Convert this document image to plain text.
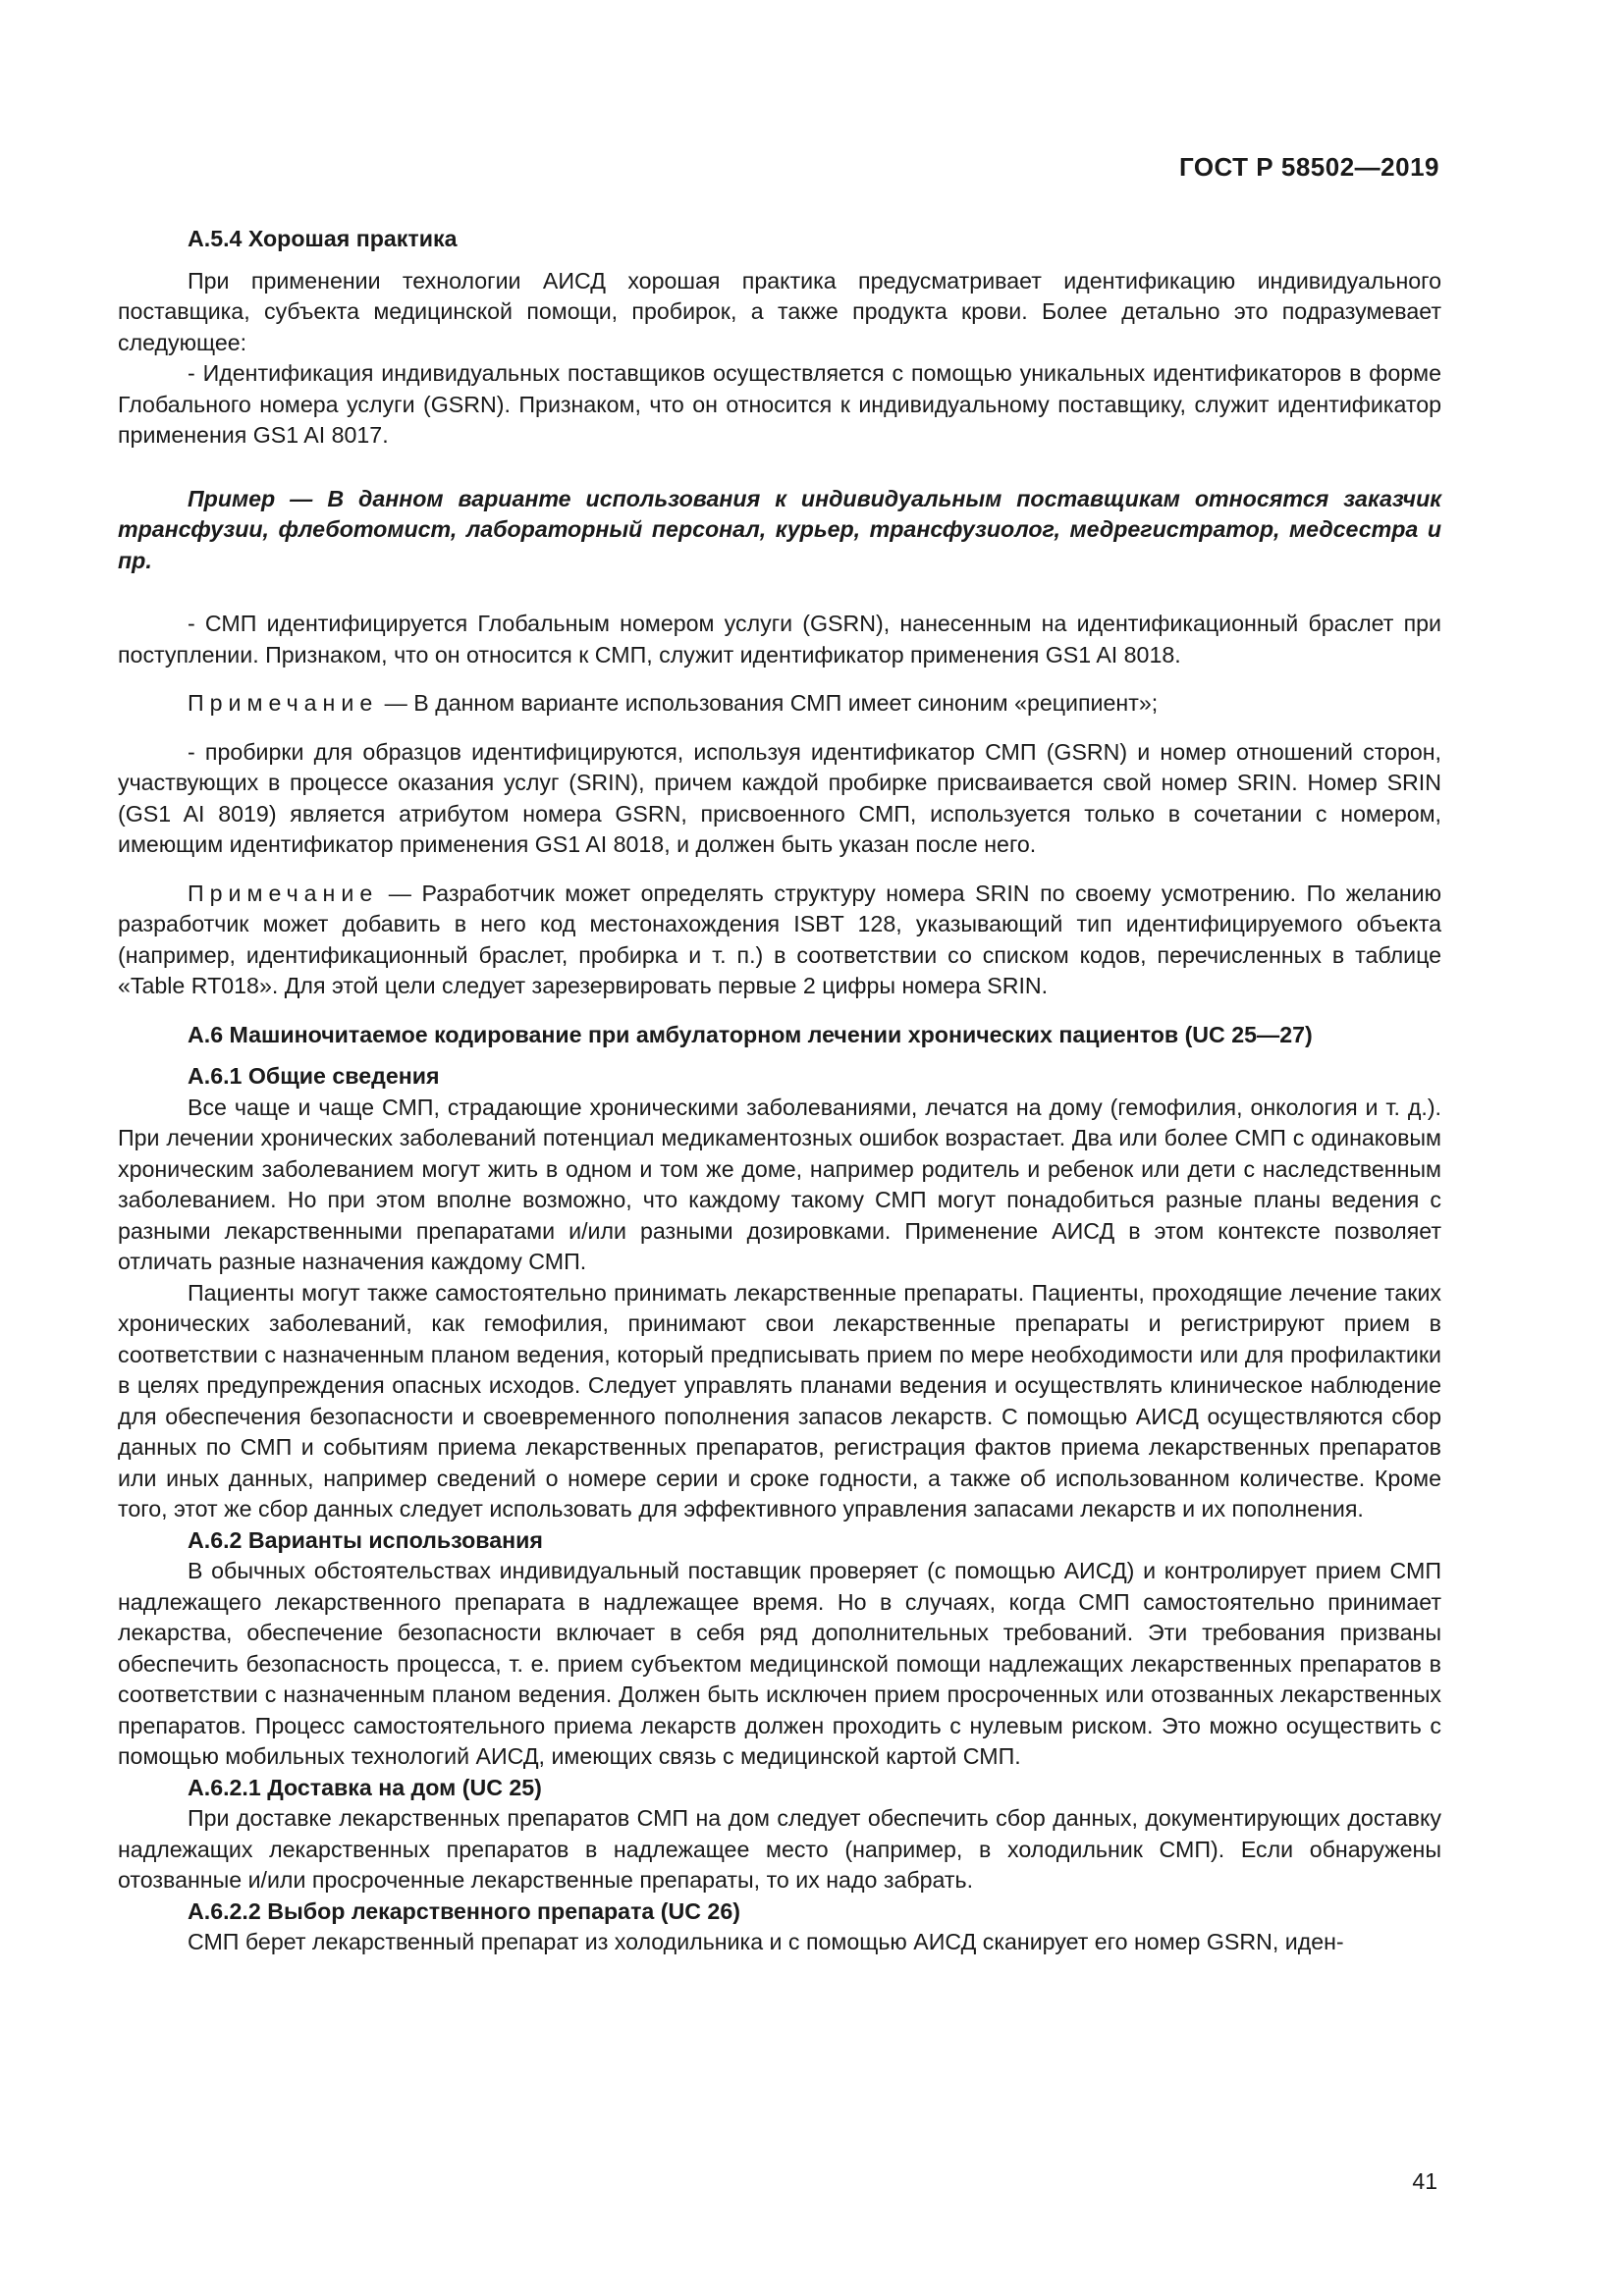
ГОСТ Р 58502—2019

А.5.4 Хорошая практика

При применении технологии АИСД хорошая практика предусматривает идентификацию индивидуального поставщика, субъекта медицинской помощи, пробирок, а также продукта крови. Более детально это подразумевает следующее:

- Идентификация индивидуальных поставщиков осуществляется с помощью уникальных идентификаторов в форме Глобального номера услуги (GSRN). Признаком, что он относится к индивидуальному поставщику, служит идентификатор применения GS1 AI 8017.

Пример — В данном варианте использования к индивидуальным поставщикам относятся заказчик трансфузии, флеботомист, лабораторный персонал, курьер, трансфузиолог, медрегистратор, медсестра и пр.

- СМП идентифицируется Глобальным номером услуги (GSRN), нанесенным на идентификационный браслет при поступлении. Признаком, что он относится к СМП, служит идентификатор применения GS1 AI 8018.

Примечание — В данном варианте использования СМП имеет синоним «реципиент»;

- пробирки для образцов идентифицируются, используя идентификатор СМП (GSRN) и номер отношений сторон, участвующих в процессе оказания услуг (SRIN), причем каждой пробирке присваивается свой номер SRIN. Номер SRIN (GS1 AI 8019) является атрибутом номера GSRN, присвоенного СМП, используется только в сочетании с номером, имеющим идентификатор применения GS1 AI 8018, и должен быть указан после него.

Примечание — Разработчик может определять структуру номера SRIN по своему усмотрению. По желанию разработчик может добавить в него код местонахождения ISBT 128, указывающий тип идентифицируемого объекта (например, идентификационный браслет, пробирка и т. п.) в соответствии со списком кодов, перечисленных в таблице «Table RT018». Для этой цели следует зарезервировать первые 2 цифры номера SRIN.

А.6 Машиночитаемое кодирование при амбулаторном лечении хронических пациентов (UC 25—27)

А.6.1 Общие сведения

Все чаще и чаще СМП, страдающие хроническими заболеваниями, лечатся на дому (гемофилия, онкология и т. д.). При лечении хронических заболеваний потенциал медикаментозных ошибок возрастает. Два или более СМП с одинаковым хроническим заболеванием могут жить в одном и том же доме, например родитель и ребенок или дети с наследственным заболеванием. Но при этом вполне возможно, что каждому такому СМП могут понадобиться разные планы ведения с разными лекарственными препаратами и/или разными дозировками. Применение АИСД в этом контексте позволяет отличать разные назначения каждому СМП.

Пациенты могут также самостоятельно принимать лекарственные препараты. Пациенты, проходящие лечение таких хронических заболеваний, как гемофилия, принимают свои лекарственные препараты и регистрируют прием в соответствии с назначенным планом ведения, который предписывать прием по мере необходимости или для профилактики в целях предупреждения опасных исходов. Следует управлять планами ведения и осуществлять клиническое наблюдение для обеспечения безопасности и своевременного пополнения запасов лекарств. С помощью АИСД осуществляются сбор данных по СМП и событиям приема лекарственных препаратов, регистрация фактов приема лекарственных препаратов или иных данных, например сведений о номере серии и сроке годности, а также об использованном количестве. Кроме того, этот же сбор данных следует использовать для эффективного управления запасами лекарств и их пополнения.

А.6.2 Варианты использования

В обычных обстоятельствах индивидуальный поставщик проверяет (с помощью АИСД) и контролирует прием СМП надлежащего лекарственного препарата в надлежащее время. Но в случаях, когда СМП самостоятельно принимает лекарства, обеспечение безопасности включает в себя ряд дополнительных требований. Эти требования призваны обеспечить безопасность процесса, т. е. прием субъектом медицинской помощи надлежащих лекарственных препаратов в соответствии с назначенным планом ведения. Должен быть исключен прием просроченных или отозванных лекарственных препаратов. Процесс самостоятельного приема лекарств должен проходить с нулевым риском. Это можно осуществить с помощью мобильных технологий АИСД, имеющих связь с медицинской картой СМП.

А.6.2.1 Доставка на дом (UC 25)

При доставке лекарственных препаратов СМП на дом следует обеспечить сбор данных, документирующих доставку надлежащих лекарственных препаратов в надлежащее место (например, в холодильник СМП). Если обнаружены отозванные и/или просроченные лекарственные препараты, то их надо забрать.

А.6.2.2 Выбор лекарственного препарата (UC 26)

СМП берет лекарственный препарат из холодильника и с помощью АИСД сканирует его номер GSRN, иден-

41
